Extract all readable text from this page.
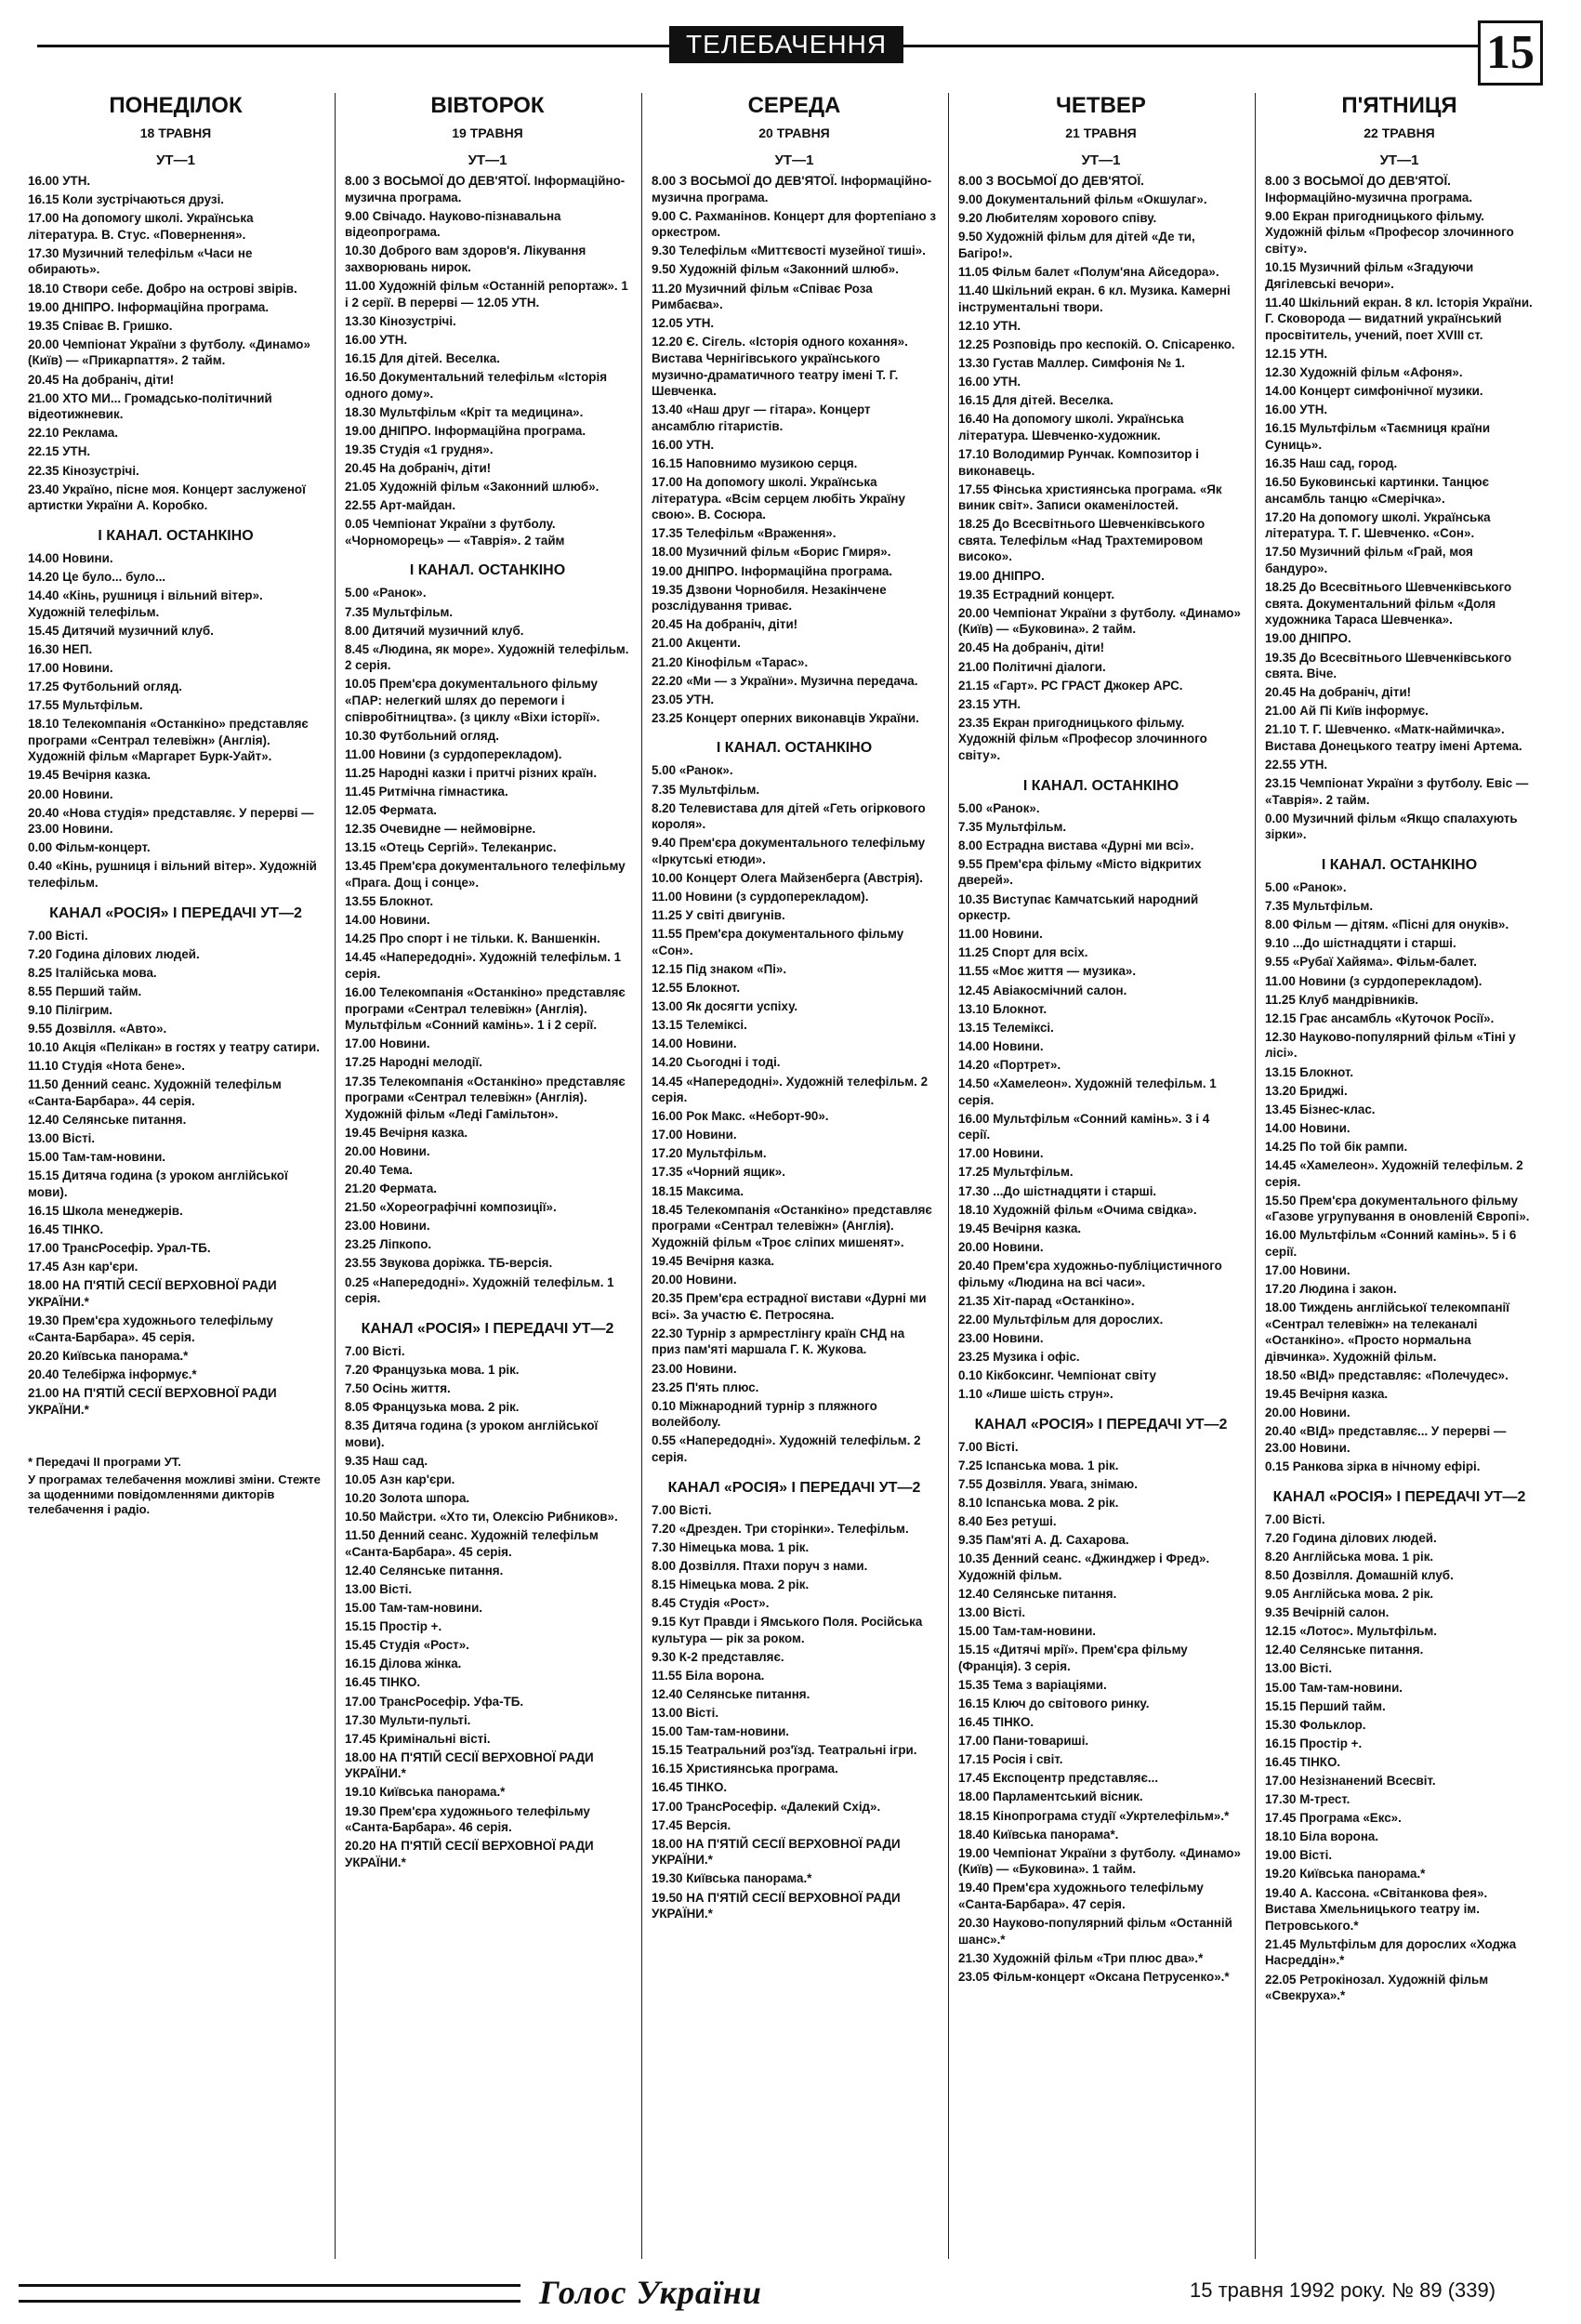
ТЕЛЕБАЧЕННЯ	15
ПОНЕДІЛОК
18 ТРАВНЯ
УТ—1
16.00 УТН.
16.15 Коли зустрічаються друзі.
17.00 На допомогу школі. Українська література. В. Стус. «Повернення».
17.30 Музичний телефільм «Часи не обирають».
18.10 Створи себе. Добро на острові звірів.
19.00 ДНІПРО. Інформаційна програма.
19.35 Співає В. Гришко.
20.00 Чемпіонат України з футболу. «Динамо» (Київ) — «Прикарпаття». 2 тайм.
20.45 На добраніч, діти!
21.00 ХТО МИ... Громадсько-політичний відеотижневик.
22.10 Реклама.
22.15 УТН.
22.35 Кінозустрічі.
23.40 Україно, пісне моя. Концерт заслуженої артистки України А. Коробко.
І КАНАЛ. ОСТАНКІНО
14.00 Новини.
14.20 Це було... було...
14.40 «Кінь, рушниця і вільний вітер». Художній телефільм.
15.45 Дитячий музичний клуб.
16.30 НЕП.
17.00 Новини.
17.25 Футбольний огляд.
17.55 Мультфільм.
18.10 Телекомпанія «Останкіно» представляє програми «Сентрал телевіжн» (Англія). Художній фільм «Маргарет Бурк-Уайт».
19.45 Вечірня казка.
20.00 Новини.
20.40 «Нова студія» представляє. У перерві — 23.00 Новини.
0.00 Фільм-концерт.
0.40 «Кінь, рушниця і вільний вітер». Художній телефільм.
КАНАЛ «РОСІЯ» І ПЕРЕДАЧІ УТ—2
7.00 Вісті.
7.20 Година ділових людей.
8.25 Італійська мова.
8.55 Перший тайм.
9.10 Пілігрим.
9.55 Дозвілля. «Авто».
10.10 Акція «Пелікан» в гостях у театру сатири.
11.10 Студія «Нота бене».
11.50 Денний сеанс. Художній телефільм «Санта-Барбара». 44 серія.
12.40 Селянське питання.
13.00 Вісті.
15.00 Там-там-новини.
15.15 Дитяча година (з уроком англійської мови).
16.15 Школа менеджерів.
16.45 ТІНКО.
17.00 ТрансРосефір. Урал-ТБ.
17.45 Азн кар'єри.
18.00 НА П'ЯТІЙ СЕСІЇ ВЕРХОВНОЇ РАДИ УКРАЇНИ.*
19.30 Прем'єра художнього телефільму «Санта-Барбара». 45 серія.
20.20 Київська панорама.*
20.40 Телебіржа інформує.*
21.00 НА П'ЯТІЙ СЕСІЇ ВЕРХОВНОЇ РАДИ УКРАЇНИ.*
* Передачі II програми УТ.
У програмах телебачення можливі зміни. Стежте за щоденними повідомленнями дикторів телебачення і радіо.
ВІВТОРОК
19 ТРАВНЯ
УТ—1
8.00 З ВОСЬМОЇ ДО ДЕВ'ЯТОЇ. Інформаційно-музична програма.
9.00 Свічадо. Науково-пізнавальна відеопрограма.
10.30 Доброго вам здоров'я. Лікування захворювань нирок.
11.00 Художній фільм «Останній репортаж». 1 і 2 серії. В перерві — 12.05 УТН.
13.30 Кінозустрічі.
16.00 УТН.
16.15 Для дітей. Веселка.
16.50 Документальний телефільм «Історія одного дому».
18.30 Мультфільм «Кріт та медицина».
19.00 ДНІПРО. Інформаційна програма.
19.35 Студія «1 грудня».
20.45 На добраніч, діти!
21.05 Художній фільм «Законний шлюб».
22.55 Арт-майдан.
0.05 Чемпіонат України з футболу. «Чорноморець» — «Таврія». 2 тайм
І КАНАЛ. ОСТАНКІНО
5.00 «Ранок».
7.35 Мультфільм.
8.00 Дитячий музичний клуб.
8.45 «Людина, як море». Художній телефільм. 2 серія.
10.05 Прем'єра документального фільму «ПАР: нелегкий шлях до перемоги і співробітництва». (з циклу «Віхи історії».
10.30 Футбольний огляд.
11.00 Новини (з сурдоперекладом).
11.25 Народні казки і притчі різних країн.
11.45 Ритмічна гімнастика.
12.05 Фермата.
12.35 Очевидне — неймовірне.
13.15 «Отець Сергій». Телеканрис.
13.45 Прем'єра документального телефільму «Прага. Дощ і сонце».
13.55 Блокнот.
14.00 Новини.
14.25 Про спорт і не тільки. К. Ваншенкін.
14.45 «Напередодні». Художній телефільм. 1 серія.
16.00 Телекомпанія «Останкіно» представляє програми «Сентрал телевіжн» (Англія). Мультфільм «Сонний камінь». 1 і 2 серії.
17.00 Новини.
17.25 Народні мелодії.
17.35 Телекомпанія «Останкіно» представляє програми «Сентрал телевіжн» (Англія). Художній фільм «Леді Гамільтон».
19.45 Вечірня казка.
20.00 Новини.
20.40 Тема.
21.20 Фермата.
21.50 «Хореографічні композиції».
23.00 Новини.
23.25 Ліпкопо.
23.55 Звукова доріжка. ТБ-версія.
0.25 «Напередодні». Художній телефільм. 1 серія.
КАНАЛ «РОСІЯ» І ПЕРЕДАЧІ УТ—2
7.00 Вісті.
7.20 Французька мова. 1 рік.
7.50 Осінь життя.
8.05 Французька мова. 2 рік.
8.35 Дитяча година (з уроком англійської мови).
9.35 Наш сад.
10.05 Азн кар'єри.
10.20 Золота шпора.
10.50 Майстри. «Хто ти, Олексію Рибников».
11.50 Денний сеанс. Художній телефільм «Санта-Барбара». 45 серія.
12.40 Селянське питання.
13.00 Вісті.
15.00 Там-там-новини.
15.15 Простір +.
15.45 Студія «Рост».
16.15 Ділова жінка.
16.45 ТІНКО.
17.00 ТрансРосефір. Уфа-ТБ.
17.30 Мульти-пульті.
17.45 Кримінальні вісті.
18.00 НА П'ЯТІЙ СЕСІЇ ВЕРХОВНОЇ РАДИ УКРАЇНИ.*
19.10 Київська панорама.*
19.30 Прем'єра художнього телефільму «Санта-Барбара». 46 серія.
20.20 НА П'ЯТІЙ СЕСІЇ ВЕРХОВНОЇ РАДИ УКРАЇНИ.*
СЕРЕДА
20 ТРАВНЯ
УТ—1
8.00 З ВОСЬМОЇ ДО ДЕВ'ЯТОЇ. Інформаційно-музична програма.
9.00 С. Рахманінов. Концерт для фортепіано з оркестром.
9.30 Телефільм «Миттєвості музейної тиші».
9.50 Художній фільм «Законний шлюб».
11.20 Музичний фільм «Співає Роза Римбаєва».
12.05 УТН.
12.20 Є. Сігель. «Історія одного кохання». Вистава Чернігівського українського музично-драматичного театру імені Т. Г. Шевченка.
13.40 «Наш друг — гітара». Концерт ансамблю гітаристів.
16.00 УТН.
16.15 Наповнимо музикою серця.
17.00 На допомогу школі. Українська література. «Всім серцем любіть Україну свою». В. Сосюра.
17.35 Телефільм «Враження».
18.00 Музичний фільм «Борис Гмиря».
19.00 ДНІПРО. Інформаційна програма.
19.35 Дзвони Чорнобиля. Незакінчене розслідування триває.
20.45 На добраніч, діти!
21.00 Акценти.
21.20 Кінофільм «Тарас».
22.20 «Ми — з України». Музична передача.
23.05 УТН.
23.25 Концерт оперних виконавців України.
І КАНАЛ. ОСТАНКІНО
5.00 «Ранок».
7.35 Мультфільм.
8.20 Телевистава для дітей «Геть огіркового короля».
9.40 Прем'єра документального телефільму «Іркутські етюди».
10.00 Концерт Олега Майзенберга (Австрія).
11.00 Новини (з сурдоперекладом).
11.25 У світі двигунів.
11.55 Прем'єра документального фільму «Сон».
12.15 Під знаком «Пі».
12.55 Блокнот.
13.00 Як досягти успіху.
13.15 Телеміксі.
14.00 Новини.
14.20 Сьогодні і тоді.
14.45 «Напередодні». Художній телефільм. 2 серія.
16.00 Рок Макс. «Неборт-90».
17.00 Новини.
17.20 Мультфільм.
17.35 «Чорний ящик».
18.15 Максима.
18.45 Телекомпанія «Останкіно» представляє програми «Сентрал телевіжн» (Англія). Художній фільм «Троє сліпих мишенят».
19.45 Вечірня казка.
20.00 Новини.
20.35 Прем'єра естрадної вистави «Дурні ми всі». За участю Є. Петросяна.
22.30 Турнір з армрестлінгу країн СНД на приз пам'яті маршала Г. К. Жукова.
23.00 Новини.
23.25 П'ять плюс.
0.10 Міжнародний турнір з пляжного волейболу.
0.55 «Напередодні». Художній телефільм. 2 серія.
КАНАЛ «РОСІЯ» І ПЕРЕДАЧІ УТ—2
7.00 Вісті.
7.20 «Дрезден. Три сторінки». Телефільм.
7.30 Німецька мова. 1 рік.
8.00 Дозвілля. Птахи поруч з нами.
8.15 Німецька мова. 2 рік.
8.45 Студія «Рост».
9.15 Кут Правди і Ямського Поля. Російська культура — рік за роком.
9.30 К-2 представляє.
11.55 Біла ворона.
12.40 Селянське питання.
13.00 Вісті.
15.00 Там-там-новини.
15.15 Театральний роз'їзд. Театральні ігри.
16.15 Християнська програма.
16.45 ТІНКО.
17.00 ТрансРосефір. «Далекий Схід».
17.45 Версія.
18.00 НА П'ЯТІЙ СЕСІЇ ВЕРХОВНОЇ РАДИ УКРАЇНИ.*
19.30 Київська панорама.*
19.50 НА П'ЯТІЙ СЕСІЇ ВЕРХОВНОЇ РАДИ УКРАЇНИ.*
ЧЕТВЕР
21 ТРАВНЯ
УТ—1
8.00 З ВОСЬМОЇ ДО ДЕВ'ЯТОЇ.
9.00 Документальний фільм «Окшулаг».
9.20 Любителям хорового співу.
9.50 Художній фільм для дітей «Де ти, Багірo!».
11.05 Фільм балет «Полум'яна Айседора».
11.40 Шкільний екран. 6 кл. Музика. Камерні інструментальні твори.
12.10 УТН.
12.25 Розповідь про кеспокій. О. Спісаренко.
13.30 Густав Маллер. Симфонія № 1.
16.00 УТН.
16.15 Для дітей. Веселка.
16.40 На допомогу школі. Українська література. Шевченко-художник.
17.10 Володимир Рунчак. Композитор і виконавець.
17.55 Фінська християнська програма. «Як виник світ». Записи окаменілостей.
18.25 До Всесвітнього Шевченківського свята. Телефільм «Над Трахтемировом високо».
19.00 ДНІПРО.
19.35 Естрадний концерт.
20.00 Чемпіонат України з футболу. «Динамо» (Київ) — «Буковина». 2 тайм.
20.45 На добраніч, діти!
21.00 Політичні діалоги.
21.15 «Гарт». РС ГРАСТ Джокер АРС.
23.15 УТН.
23.35 Екран пригодницького фільму. Художній фільм «Професор злочинного світу».
І КАНАЛ. ОСТАНКІНО
5.00 «Ранок».
7.35 Мультфільм.
8.00 Естрадна вистава «Дурні ми всі».
9.55 Прем'єра фільму «Місто відкритих дверей».
10.35 Виступає Камчатський народний оркестр.
11.00 Новини.
11.25 Спорт для всіх.
11.55 «Моє життя — музика».
12.45 Авіакосмічний салон.
13.10 Блокнот.
13.15 Телеміксі.
14.00 Новини.
14.20 «Портрет».
14.50 «Хамелеон». Художній телефільм. 1 серія.
16.00 Мультфільм «Сонний камінь». 3 і 4 серії.
17.00 Новини.
17.25 Мультфільм.
17.30 ...До шістнадцяти і старші.
18.10 Художній фільм «Очима свідка».
19.45 Вечірня казка.
20.00 Новини.
20.40 Прем'єра художньо-публіцистичного фільму «Людина на всі часи».
21.35 Хіт-парад «Останкіно».
22.00 Мультфільм для дорослих.
23.00 Новини.
23.25 Музика і офіс.
0.10 Кікбоксинг. Чемпіонат світу
1.10 «Лише шість струн».
КАНАЛ «РОСІЯ» І ПЕРЕДАЧІ УТ—2
7.00 Вісті.
7.25 Іспанська мова. 1 рік.
7.55 Дозвілля. Увага, знімаю.
8.10 Іспанська мова. 2 рік.
8.40 Без ретуші.
9.35 Пам'яті А. Д. Сахарова.
10.35 Денний сеанс. «Джинджер і Фред». Художній фільм.
12.40 Селянське питання.
13.00 Вісті.
15.00 Там-там-новини.
15.15 «Дитячі мрії». Прем'єра фільму (Франція). 3 серія.
15.35 Тема з варіаціями.
16.15 Ключ до світового ринку.
16.45 ТІНКО.
17.00 Пани-товариші.
17.15 Росія і світ.
17.45 Експоцентр представляє...
18.00 Парламентський вісник.
18.15 Кінопрограма студії «Укртелефільм».*
18.40 Київська панорама*.
19.00 Чемпіонат України з футболу. «Динамо» (Київ) — «Буковина». 1 тайм.
19.40 Прем'єра художнього телефільму «Санта-Барбара». 47 серія.
20.30 Науково-популярний фільм «Останній шанс».*
21.30 Художній фільм «Три плюс два».*
23.05 Фільм-концерт «Оксана Петрусенко».*
П'ЯТНИЦЯ
22 ТРАВНЯ
УТ—1
8.00 З ВОСЬМОЇ ДО ДЕВ'ЯТОЇ. Інформаційно-музична програма.
9.00 Екран пригодницького фільму. Художній фільм «Професор злочинного світу».
10.15 Музичний фільм «Згадуючи Дягілевські вечори».
11.40 Шкільний екран. 8 кл. Історія України. Г. Сковорода — видатний український просвітитель, учений, поет XVIII ст.
12.15 УТН.
12.30 Художній фільм «Афоня».
14.00 Концерт симфонічної музики.
16.00 УТН.
16.15 Мультфільм «Таємниця країни Суниць».
16.35 Наш сад, город.
16.50 Буковинські картинки. Танцює ансамбль танцю «Смерічка».
17.20 На допомогу школі. Українська література. Т. Г. Шевченко. «Сон».
17.50 Музичний фільм «Грай, моя бандуро».
18.25 До Всесвітнього Шевченківського свята. Документальний фільм «Доля художника Тараса Шевченка».
19.00 ДНІПРО.
19.35 До Всесвітнього Шевченківського свята. Віче.
20.45 На добраніч, діти!
21.00 Ай Пі Київ інформує.
21.10 Т. Г. Шевченко. «Матк-наймичка». Вистава Донецького театру імені Артема.
22.55 УТН.
23.15 Чемпіонат України з футболу. Евіс — «Таврія». 2 тайм.
0.00 Музичний фільм «Якщо спалахують зірки».
І КАНАЛ. ОСТАНКІНО
5.00 «Ранок».
7.35 Мультфільм.
8.00 Фільм — дітям. «Пісні для онуків».
9.10 ...До шістнадцяти і старші.
9.55 «Рубаї Хайяма». Фільм-балет.
11.00 Новини (з сурдоперекладом).
11.25 Клуб мандрівників.
12.15 Грає ансамбль «Куточок Росії».
12.30 Науково-популярний фільм «Тіні у лісі».
13.15 Блокнот.
13.20 Бриджі.
13.45 Бізнес-клас.
14.00 Новини.
14.25 По той бік рампи.
14.45 «Хамелеон». Художній телефільм. 2 серія.
15.50 Прем'єра документального фільму «Газове угрупування в оновленій Європі».
16.00 Мультфільм «Сонний камінь». 5 і 6 серії.
17.00 Новини.
17.20 Людина і закон.
18.00 Тиждень англійської телекомпанії «Сентрал телевіжн» на телеканалі «Останкіно». «Просто нормальна дівчинка». Художній фільм.
18.50 «ВІД» представляє: «Полечудес».
19.45 Вечірня казка.
20.00 Новини.
20.40 «ВІД» представляє... У перерві — 23.00 Новини.
0.15 Ранкова зірка в нічному ефірі.
КАНАЛ «РОСІЯ» І ПЕРЕДАЧІ УТ—2
7.00 Вісті.
7.20 Година ділових людей.
8.20 Англійська мова. 1 рік.
8.50 Дозвілля. Домашній клуб.
9.05 Англійська мова. 2 рік.
9.35 Вечірній салон.
12.15 «Лотос». Мультфільм.
12.40 Селянське питання.
13.00 Вісті.
15.00 Там-там-новини.
15.15 Перший тайм.
15.30 Фольклор.
16.15 Простір +.
16.45 ТІНКО.
17.00 Незізнанений Всесвіт.
17.30 М-трест.
17.45 Програма «Екс».
18.10 Біла ворона.
19.00 Вісті.
19.20 Київська панорама.*
19.40 А. Кассона. «Світанкова фея». Вистава Хмельницького театру ім. Петровського.*
21.45 Мультфільм для дорослих «Ходжа Насреддін».*
22.05 Ретрокінозал. Художній фільм «Свекруха».*
Голос України	15 травня 1992 року. № 89 (339)
